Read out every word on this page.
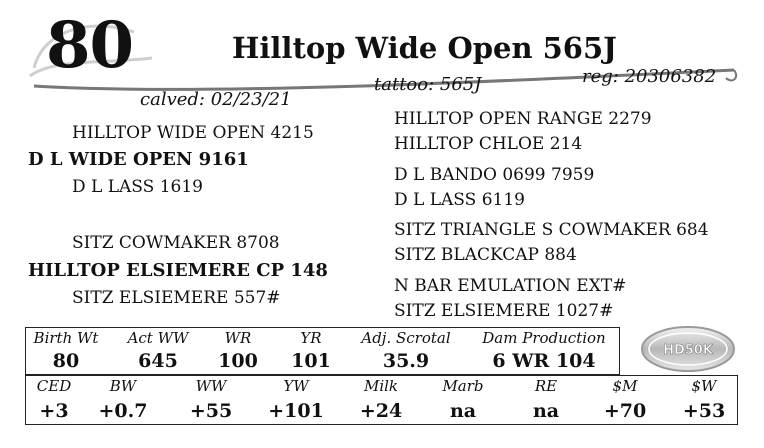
80	Hilltop Wide Open 565J
tattoo: 565J	reg: 20306382
calved: 02/23/21
HILLTOP WIDE OPEN 4215
D L WIDE OPEN 9161
D L LASS 1619
SITZ COWMAKER 8708
HILLTOP ELSIEMERE CP 148
SITZ ELSIEMERE 557#
HILLTOP OPEN RANGE 2279
HILLTOP CHLOE 214
D L BANDO 0699 7959
D L LASS 6119
SITZ TRIANGLE S COWMAKER 684
SITZ BLACKCAP 884
N BAR EMULATION EXT#
SITZ ELSIEMERE 1027#
Birth Wt	Act WW	WR	YR	Adj. Scrotal	Dam Production
80	645	100	101	35.9	6 WR 104	HD50K
CED	BW	WW	YW	Milk	Marb	RE	$M	$W
+3	+0.7	+55	+101	+24	na	na	+70	+53
